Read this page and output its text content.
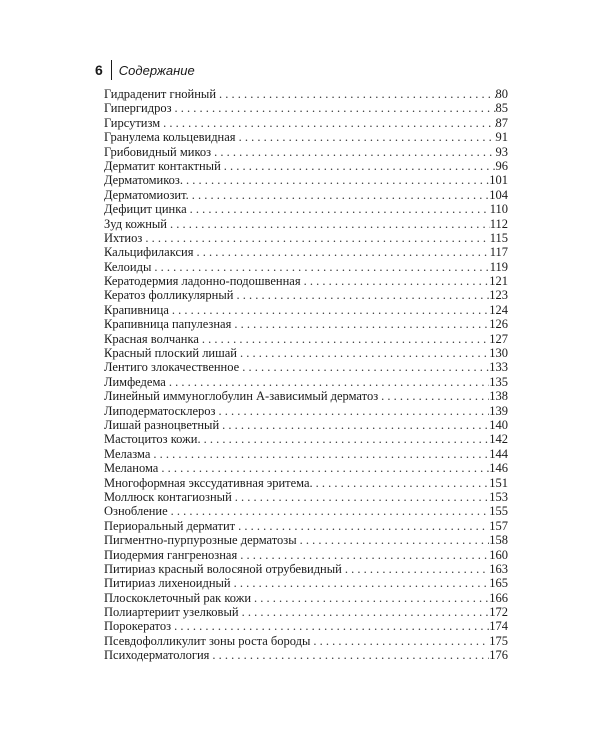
6	Содержание
Гидраденит гнойный . . .	80
Гипергидроз . . .	85
Гирсутизм . . .	87
Гранулема кольцевидная . . .	91
Грибовидный микоз . . .	93
Дерматит контактный . . .	96
Дерматомикоз. . . .	101
Дерматомиозит. . . .	104
Дефицит цинка . . .	110
Зуд кожный . . .	112
Ихтиоз . . .	115
Кальцифилаксия . . .	117
Келоиды . . .	119
Кератодермия ладонно-подошвенная . . .	121
Кератоз фолликулярный . . .	123
Крапивница . . .	124
Крапивница папулезная . . .	126
Красная волчанка . . .	127
Красный плоский лишай . . .	130
Лентиго злокачественное . . .	133
Лимфедема . . .	135
Линейный иммуноглобулин А-зависимый дерматоз . . .	138
Липодерматосклероз . . .	139
Лишай разноцветный . . .	140
Мастоцитоз кожи. . . .	142
Мелазма . . .	144
Меланома . . .	146
Многоформная экссудативная эритема. . . .	151
Моллюск контагиозный . . .	153
Ознобление . . .	155
Периоральный дерматит . . .	157
Пигментно-пурпурозные дерматозы . . .	158
Пиодермия гангренозная . . .	160
Питириаз красный волосяной отрубевидный . . .	163
Питириаз лихеноидный . . .	165
Плоскоклеточный рак кожи . . .	166
Полиартериит узелковый . . .	172
Порокератоз . . .	174
Псевдофолликулит зоны роста бороды . . .	175
Психодерматология . . .	176
